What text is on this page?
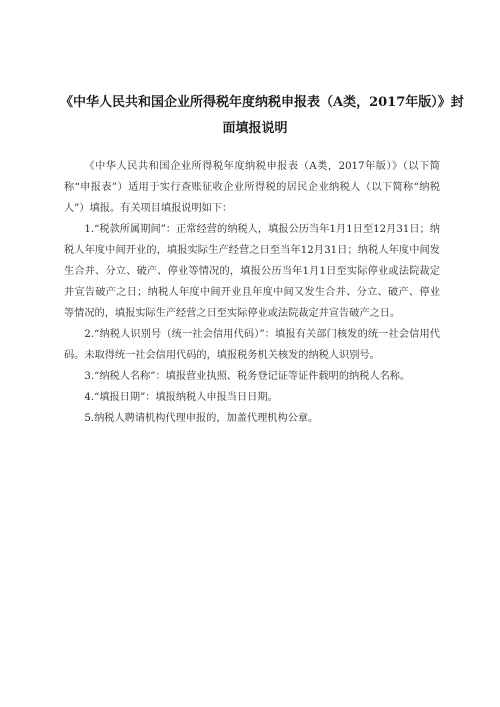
《中华人民共和国企业所得税年度纳税申报表（A类，2017年版）》封
面填报说明

《中华人民共和国企业所得税年度纳税申报表（A类，2017年版）》（以下简称“申报表”）适用于实行查账征收企业所得税的居民企业纳税人（以下简称“纳税人”）填报。有关项目填报说明如下：

1.“税款所属期间”：正常经营的纳税人，填报公历当年1月1日至12月31日；纳税人年度中间开业的，填报实际生产经营之日至当年12月31日；纳税人年度中间发生合并、分立、破产、停业等情况的，填报公历当年1月1日至实际停业或法院裁定并宣告破产之日；纳税人年度中间开业且年度中间又发生合并、分立、破产、停业等情况的，填报实际生产经营之日至实际停业或法院裁定并宣告破产之日。

2.“纳税人识别号（统一社会信用代码）”：填报有关部门核发的统一社会信用代码。未取得统一社会信用代码的，填报税务机关核发的纳税人识别号。

3.“纳税人名称”：填报营业执照、税务登记证等证件载明的纳税人名称。

4.“填报日期”：填报纳税人申报当日日期。

5.纳税人聘请机构代理申报的，加盖代理机构公章。
